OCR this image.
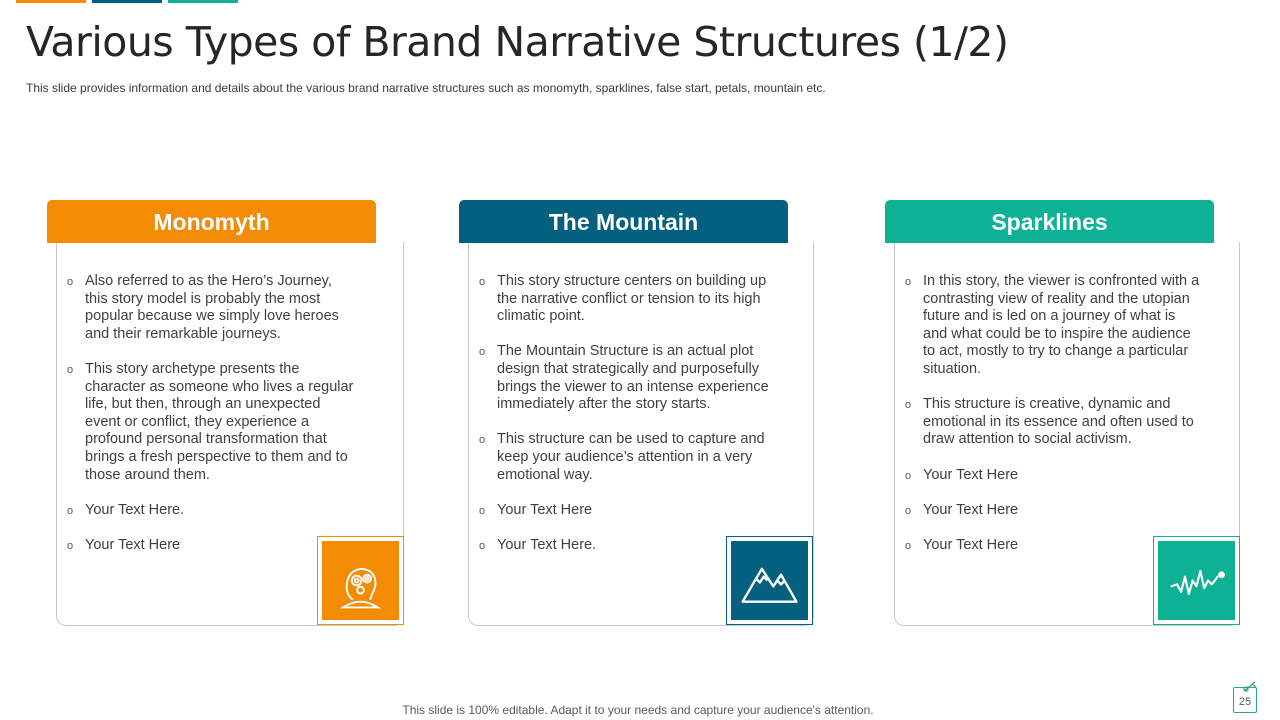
Various Types of Brand Narrative Structures (1/2)

This slide provides information and details about the various brand narrative structures such as monomyth, sparklines, false start, petals, mountain etc.

Monomyth
o Also referred to as the Hero’s Journey, this story model is probably the most popular because we simply love heroes and their remarkable journeys.
o This story archetype presents the character as someone who lives a regular life, but then, through an unexpected event or conflict, they experience a profound personal transformation that brings a fresh perspective to them and to those around them.
o Your Text Here.
o Your Text Here
The Mountain
o This story structure centers on building up the narrative conflict or tension to its high climatic point.
o The Mountain Structure is an actual plot design that strategically and purposefully brings the viewer to an intense experience immediately after the story starts.
o This structure can be used to capture and keep your audience’s attention in a very emotional way.
o Your Text Here
o Your Text Here.
Sparklines
o In this story, the viewer is confronted with a contrasting view of reality and the utopian future and is led on a journey of what is and what could be to inspire the audience to act, mostly to try to change a particular situation.
o This structure is creative, dynamic and emotional in its essence and often used to draw attention to social activism.
o Your Text Here
o Your Text Here
o Your Text Here
This slide is 100% editable. Adapt it to your needs and capture your audience's attention.
25
